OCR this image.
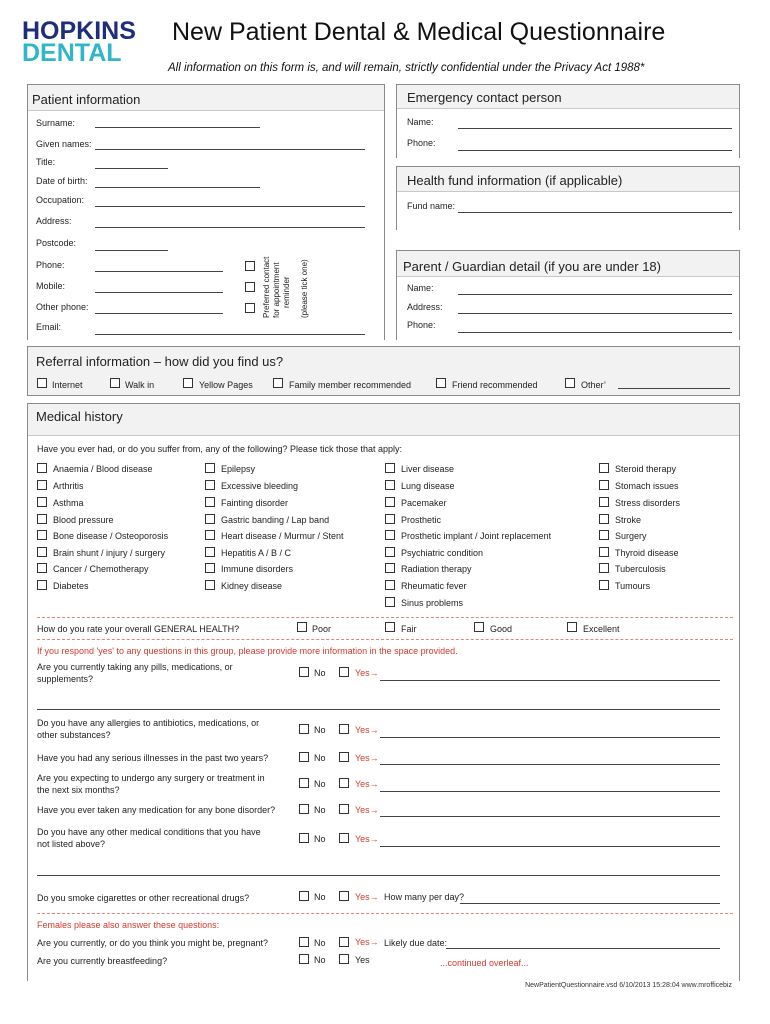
HOPKINS
DENTAL
New Patient Dental & Medical Questionnaire
All information on this form is, and will remain, strictly confidential under the Privacy Act 1988*
Patient information
Surname:
Given names:
Title:
Date of birth:
Occupation:
Address:
Postcode:
Phone:
Mobile:
Other phone:
Email:
Preferred contact for appointment reminder (please tick one)
Emergency contact person
Name:
Phone:
Health fund information (if applicable)
Fund name:
Parent / Guardian detail (if you are under 18)
Name:
Address:
Phone:
Referral information – how did you find us?
Internet	Walk in	Yellow Pages	Family member recommended	Friend recommended	Other’
Medical history
Have you ever had, or do you suffer from, any of the following? Please tick those that apply:
Anaemia / Blood disease
Arthritis
Asthma
Blood pressure
Bone disease / Osteoporosis
Brain shunt / injury / surgery
Cancer / Chemotherapy
Diabetes
Epilepsy
Excessive bleeding
Fainting disorder
Gastric banding / Lap band
Heart disease / Murmur / Stent
Hepatitis A / B / C
Immune disorders
Kidney disease
Liver disease
Lung disease
Pacemaker
Prosthetic
Prosthetic implant / Joint replacement
Psychiatric condition
Radiation therapy
Rheumatic fever
Sinus problems
Steroid therapy
Stomach issues
Stress disorders
Stroke
Surgery
Thyroid disease
Tuberculosis
Tumours
How do you rate your overall GENERAL HEALTH?	Poor	Fair	Good	Excellent
If you respond 'yes' to any questions in this group, please provide more information in the space provided.
Are you currently taking any pills, medications, or
supplements?
No	Yes→
Do you have any allergies to antibiotics, medications, or
other substances?	No	Yes→
Have you had any serious illnesses in the past two years?	No	Yes→
Are you expecting to undergo any surgery or treatment in
the next six months?
No	Yes→
Have you ever taken any medication for any bone disorder?	No	Yes→
Do you have any other medical conditions that you have
not listed above?	No	Yes→
Do you smoke cigarettes or other recreational drugs?	No	Yes→ How many per day?
Females please also answer these questions:
Are you currently, or do you think you might be, pregnant?	No	Yes→ Likely due date:
Are you currently breastfeeding?	No	Yes	...continued overleaf...
NewPatientQuestionnaire.vsd 6/10/2013 15:28:04 www.mrofficebiz
